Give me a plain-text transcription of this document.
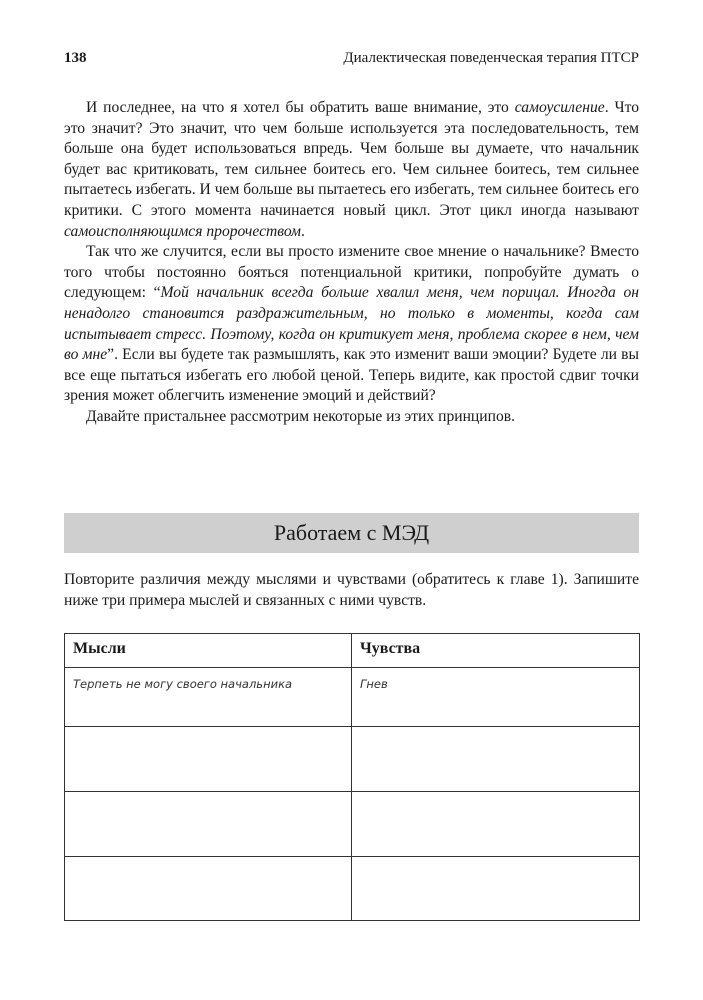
138	Диалектическая поведенческая терапия ПТСР

И последнее, на что я хотел бы обратить ваше внимание, это самоусиление. Что это значит? Это значит, что чем больше используется эта последовательность, тем больше она будет использоваться впредь. Чем больше вы думаете, что начальник будет вас критиковать, тем сильнее боитесь его. Чем сильнее боитесь, тем сильнее пытаетесь избегать. И чем больше вы пытаетесь его избегать, тем сильнее боитесь его критики. С этого момента начинается новый цикл. Этот цикл иногда называют самоисполняющимся пророчеством.

Так что же случится, если вы просто измените свое мнение о начальнике? Вместо того чтобы постоянно бояться потенциальной критики, попробуйте думать о следующем: “Мой начальник всегда больше хвалил меня, чем порицал. Иногда он ненадолго становится раздражительным, но только в моменты, когда сам испытывает стресс. Поэтому, когда он критикует меня, проблема скорее в нем, чем во мне”. Если вы будете так размышлять, как это изменит ваши эмоции? Будете ли вы все еще пытаться избегать его любой ценой. Теперь видите, как простой сдвиг точки зрения может облегчить изменение эмоций и действий?

Давайте пристальнее рассмотрим некоторые из этих принципов.

Работаем с МЭД
Повторите различия между мыслями и чувствами (обратитесь к главе 1). Запишите ниже три примера мыслей и связанных с ними чувств.
Мысли	Чувства
Терпеть не могу своего начальника	Гнев
